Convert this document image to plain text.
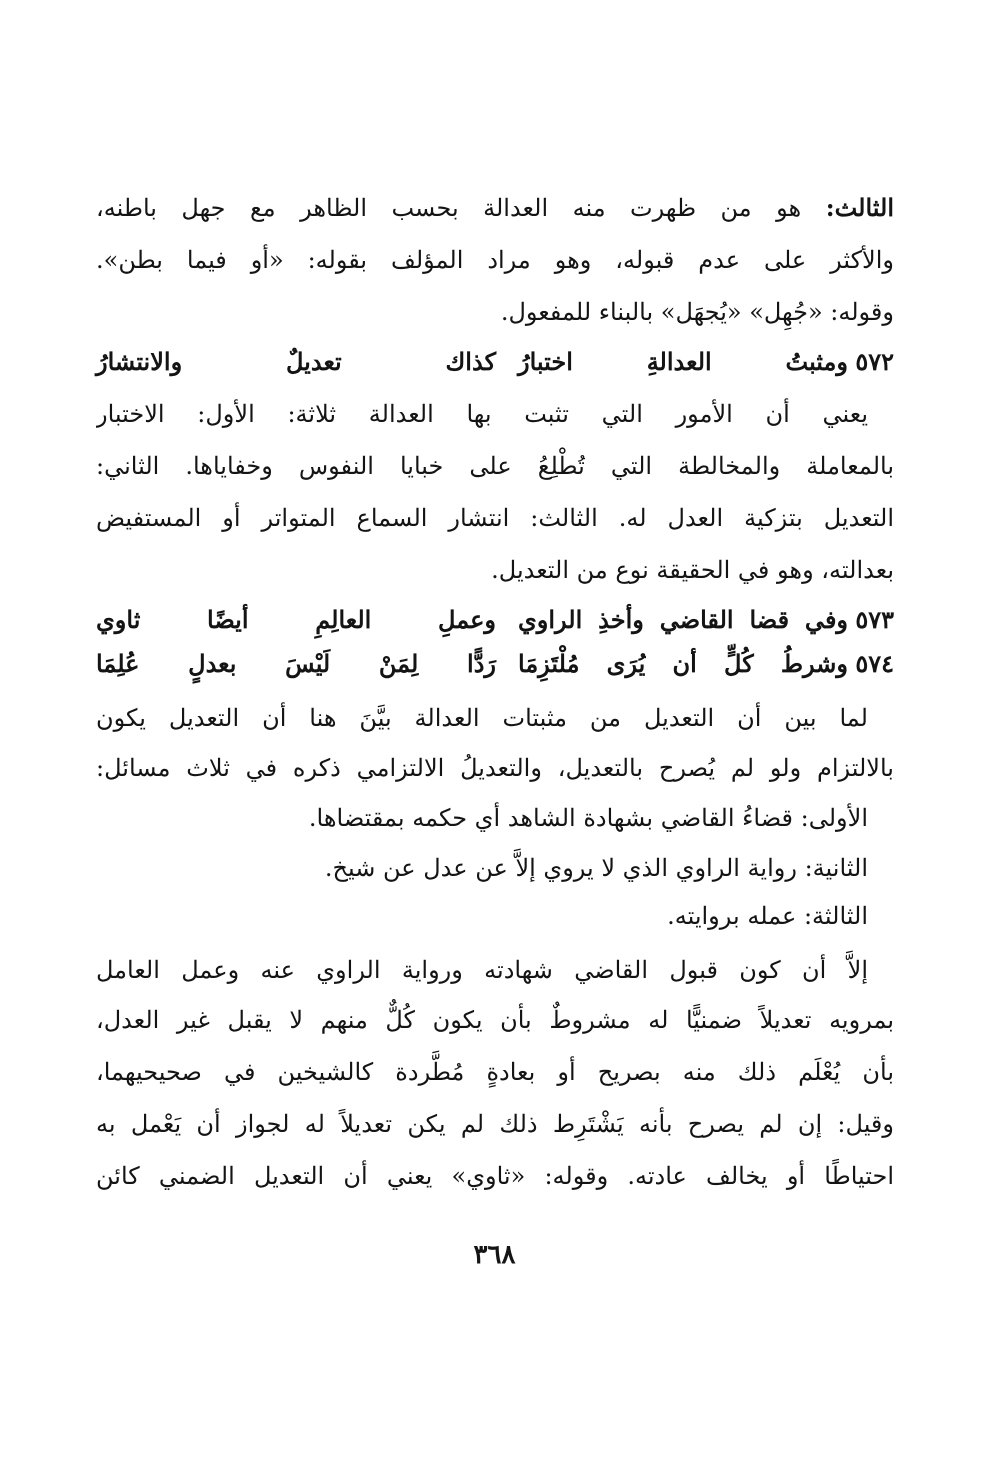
الثالث: هو من ظهرت منه العدالة بحسب الظاهر مع جهل باطنه،
والأكثر على عدم قبوله، وهو مراد المؤلف بقوله: «أو فيما بطن».
وقوله: «جُهِل» «يُجهَل» بالبناء للمفعول.
٥٧٢
ومثبتُ العدالةِ اختبارُ
كذاك تعديلٌ والانتشارُ
يعني أن الأمور التي تثبت بها العدالة ثلاثة: الأول: الاختبار
بالمعاملة والمخالطة التي تُطْلِعُ على خبايا النفوس وخفاياها. الثاني:
التعديل بتزكية العدل له. الثالث: انتشار السماع المتواتر أو المستفيض
بعدالته، وهو في الحقيقة نوع من التعديل.
٥٧٣
وفي قضا القاضي وأخذِ الراوي
وعملِ العالِمِ أيضًا ثاوي
٥٧٤
وشرطُ كُلٍّ أن يُرَى مُلْتَزِمَا
رَدًّا لِمَنْ لَيْسَ بعدلٍ عُلِمَا
لما بين أن التعديل من مثبتات العدالة بيَّنَ هنا أن التعديل يكون
بالالتزام ولو لم يُصرح بالتعديل، والتعديلُ الالتزامي ذكره في ثلاث مسائل:
الأولى: قضاءُ القاضي بشهادة الشاهد أي حكمه بمقتضاها.
الثانية: رواية الراوي الذي لا يروي إلاَّ عن عدل عن شيخ.
الثالثة: عمله بروايته.
إلاَّ أن كون قبول القاضي شهادته ورواية الراوي عنه وعمل العامل
بمرويه تعديلاً ضمنيًّا له مشروطٌ بأن يكون كُلٌّ منهم لا يقبل غير العدل،
بأن يُعْلَم ذلك منه بصريح أو بعادةٍ مُطَّردة كالشيخين في صحيحيهما،
وقيل: إن لم يصرح بأنه يَشْتَرِط ذلك لم يكن تعديلاً له لجواز أن يَعْمل به
احتياطًا أو يخالف عادته. وقوله: «ثاوي» يعني أن التعديل الضمني كائن
٣٦٨
